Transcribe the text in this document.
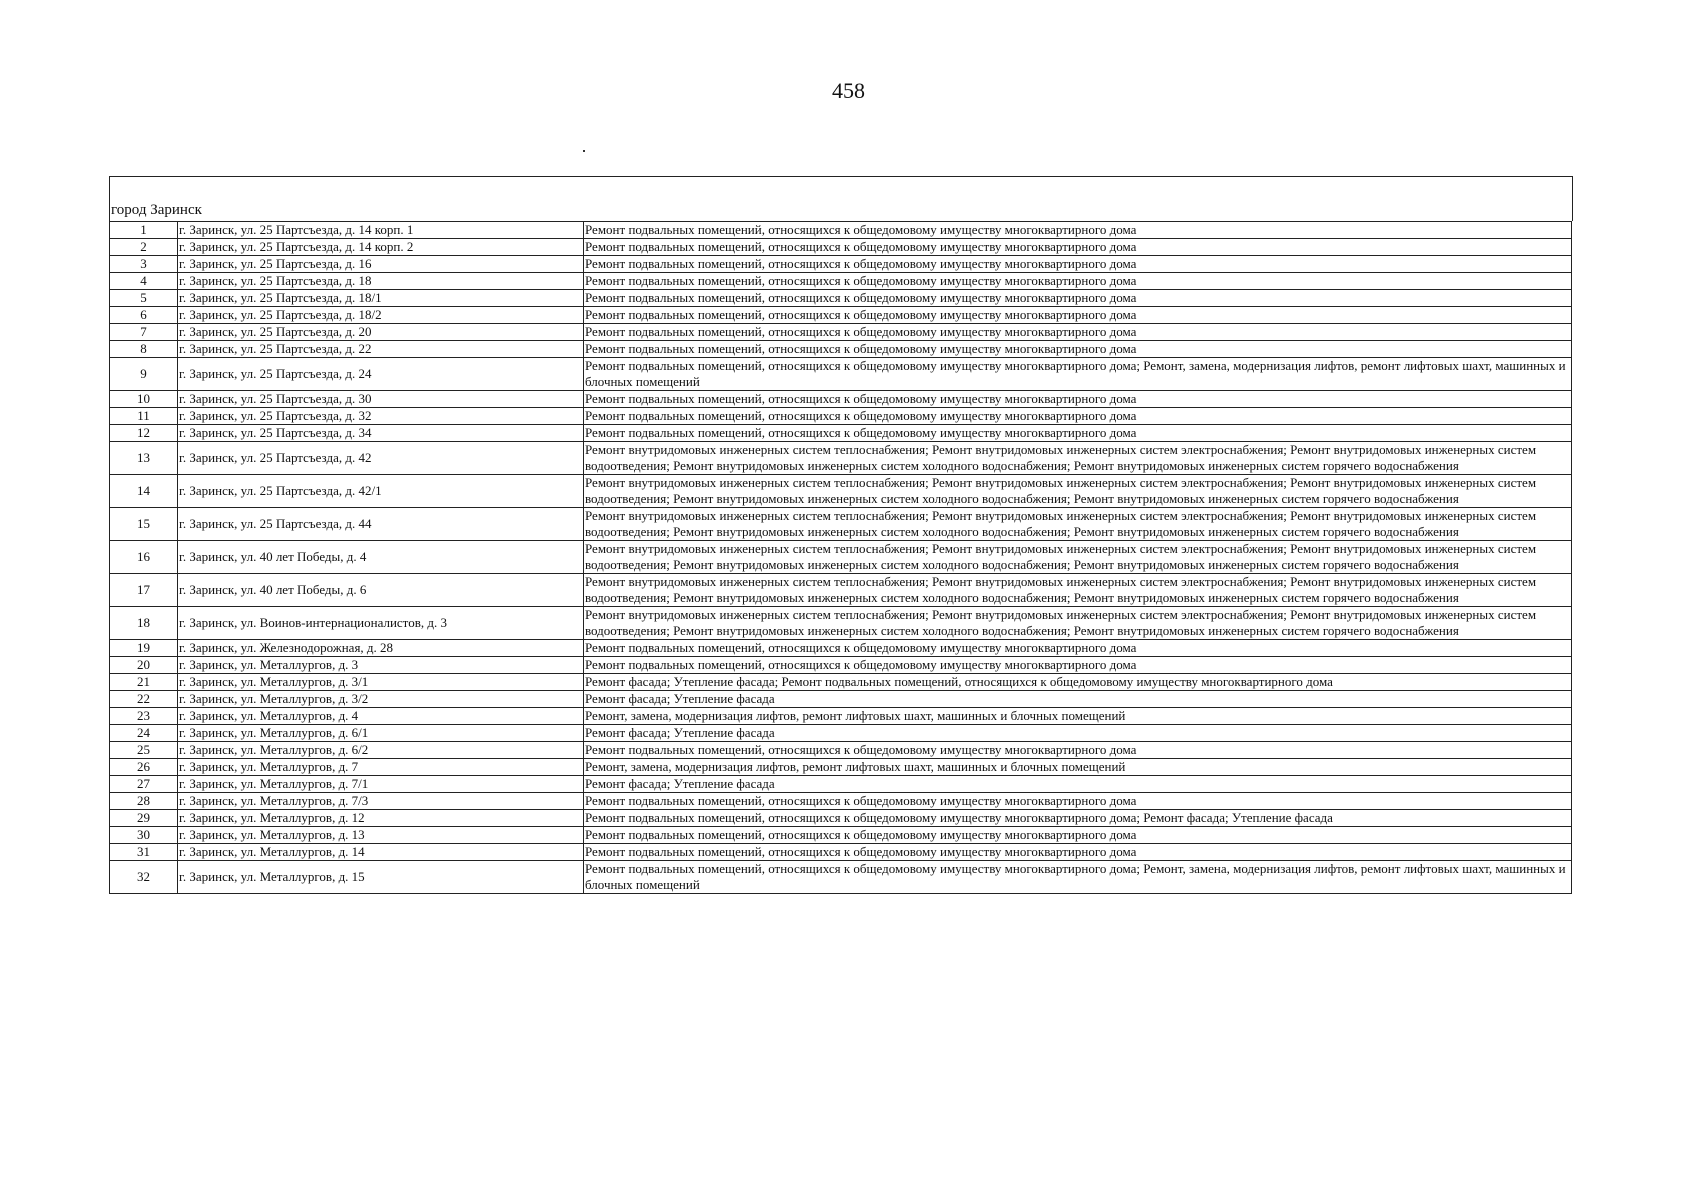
458
город Заринск
1	г. Заринск, ул. 25 Партсъезда, д. 14 корп. 1	Ремонт подвальных помещений, относящихся к общедомовому имуществу многоквартирного дома
2	г. Заринск, ул. 25 Партсъезда, д. 14 корп. 2	Ремонт подвальных помещений, относящихся к общедомовому имуществу многоквартирного дома
3	г. Заринск, ул. 25 Партсъезда, д. 16	Ремонт подвальных помещений, относящихся к общедомовому имуществу многоквартирного дома
4	г. Заринск, ул. 25 Партсъезда, д. 18	Ремонт подвальных помещений, относящихся к общедомовому имуществу многоквартирного дома
5	г. Заринск, ул. 25 Партсъезда, д. 18/1	Ремонт подвальных помещений, относящихся к общедомовому имуществу многоквартирного дома
6	г. Заринск, ул. 25 Партсъезда, д. 18/2	Ремонт подвальных помещений, относящихся к общедомовому имуществу многоквартирного дома
7	г. Заринск, ул. 25 Партсъезда, д. 20	Ремонт подвальных помещений, относящихся к общедомовому имуществу многоквартирного дома
8	г. Заринск, ул. 25 Партсъезда, д. 22	Ремонт подвальных помещений, относящихся к общедомовому имуществу многоквартирного дома
9	г. Заринск, ул. 25 Партсъезда, д. 24	Ремонт подвальных помещений, относящихся к общедомовому имуществу многоквартирного дома; Ремонт, замена, модернизация лифтов, ремонт лифтовых шахт, машинных и блочных помещений
10	г. Заринск, ул. 25 Партсъезда, д. 30	Ремонт подвальных помещений, относящихся к общедомовому имуществу многоквартирного дома
11	г. Заринск, ул. 25 Партсъезда, д. 32	Ремонт подвальных помещений, относящихся к общедомовому имуществу многоквартирного дома
12	г. Заринск, ул. 25 Партсъезда, д. 34	Ремонт подвальных помещений, относящихся к общедомовому имуществу многоквартирного дома
13	г. Заринск, ул. 25 Партсъезда, д. 42	Ремонт внутридомовых инженерных систем теплоснабжения; Ремонт внутридомовых инженерных систем электроснабжения; Ремонт внутридомовых инженерных систем водоотведения; Ремонт внутридомовых инженерных систем холодного водоснабжения; Ремонт внутридомовых инженерных систем горячего водоснабжения
14	г. Заринск, ул. 25 Партсъезда, д. 42/1	Ремонт внутридомовых инженерных систем теплоснабжения; Ремонт внутридомовых инженерных систем электроснабжения; Ремонт внутридомовых инженерных систем водоотведения; Ремонт внутридомовых инженерных систем холодного водоснабжения; Ремонт внутридомовых инженерных систем горячего водоснабжения
15	г. Заринск, ул. 25 Партсъезда, д. 44	Ремонт внутридомовых инженерных систем теплоснабжения; Ремонт внутридомовых инженерных систем электроснабжения; Ремонт внутридомовых инженерных систем водоотведения; Ремонт внутридомовых инженерных систем холодного водоснабжения; Ремонт внутридомовых инженерных систем горячего водоснабжения
16	г. Заринск, ул. 40 лет Победы, д. 4	Ремонт внутридомовых инженерных систем теплоснабжения; Ремонт внутридомовых инженерных систем электроснабжения; Ремонт внутридомовых инженерных систем водоотведения; Ремонт внутридомовых инженерных систем холодного водоснабжения; Ремонт внутридомовых инженерных систем горячего водоснабжения
17	г. Заринск, ул. 40 лет Победы, д. 6	Ремонт внутридомовых инженерных систем теплоснабжения; Ремонт внутридомовых инженерных систем электроснабжения; Ремонт внутридомовых инженерных систем водоотведения; Ремонт внутридомовых инженерных систем холодного водоснабжения; Ремонт внутридомовых инженерных систем горячего водоснабжения
18	г. Заринск, ул. Воинов-интернационалистов, д. 3	Ремонт внутридомовых инженерных систем теплоснабжения; Ремонт внутридомовых инженерных систем электроснабжения; Ремонт внутридомовых инженерных систем водоотведения; Ремонт внутридомовых инженерных систем холодного водоснабжения; Ремонт внутридомовых инженерных систем горячего водоснабжения
19	г. Заринск, ул. Железнодорожная, д. 28	Ремонт подвальных помещений, относящихся к общедомовому имуществу многоквартирного дома
20	г. Заринск, ул. Металлургов, д. 3	Ремонт подвальных помещений, относящихся к общедомовому имуществу многоквартирного дома
21	г. Заринск, ул. Металлургов, д. 3/1	Ремонт фасада; Утепление фасада; Ремонт подвальных помещений, относящихся к общедомовому имуществу многоквартирного дома
22	г. Заринск, ул. Металлургов, д. 3/2	Ремонт фасада; Утепление фасада
23	г. Заринск, ул. Металлургов, д. 4	Ремонт, замена, модернизация лифтов, ремонт лифтовых шахт, машинных и блочных помещений
24	г. Заринск, ул. Металлургов, д. 6/1	Ремонт фасада; Утепление фасада
25	г. Заринск, ул. Металлургов, д. 6/2	Ремонт подвальных помещений, относящихся к общедомовому имуществу многоквартирного дома
26	г. Заринск, ул. Металлургов, д. 7	Ремонт, замена, модернизация лифтов, ремонт лифтовых шахт, машинных и блочных помещений
27	г. Заринск, ул. Металлургов, д. 7/1	Ремонт фасада; Утепление фасада
28	г. Заринск, ул. Металлургов, д. 7/3	Ремонт подвальных помещений, относящихся к общедомовому имуществу многоквартирного дома
29	г. Заринск, ул. Металлургов, д. 12	Ремонт подвальных помещений, относящихся к общедомовому имуществу многоквартирного дома; Ремонт фасада; Утепление фасада
30	г. Заринск, ул. Металлургов, д. 13	Ремонт подвальных помещений, относящихся к общедомовому имуществу многоквартирного дома
31	г. Заринск, ул. Металлургов, д. 14	Ремонт подвальных помещений, относящихся к общедомовому имуществу многоквартирного дома
32	г. Заринск, ул. Металлургов, д. 15	Ремонт подвальных помещений, относящихся к общедомовому имуществу многоквартирного дома; Ремонт, замена, модернизация лифтов, ремонт лифтовых шахт, машинных и блочных помещений
